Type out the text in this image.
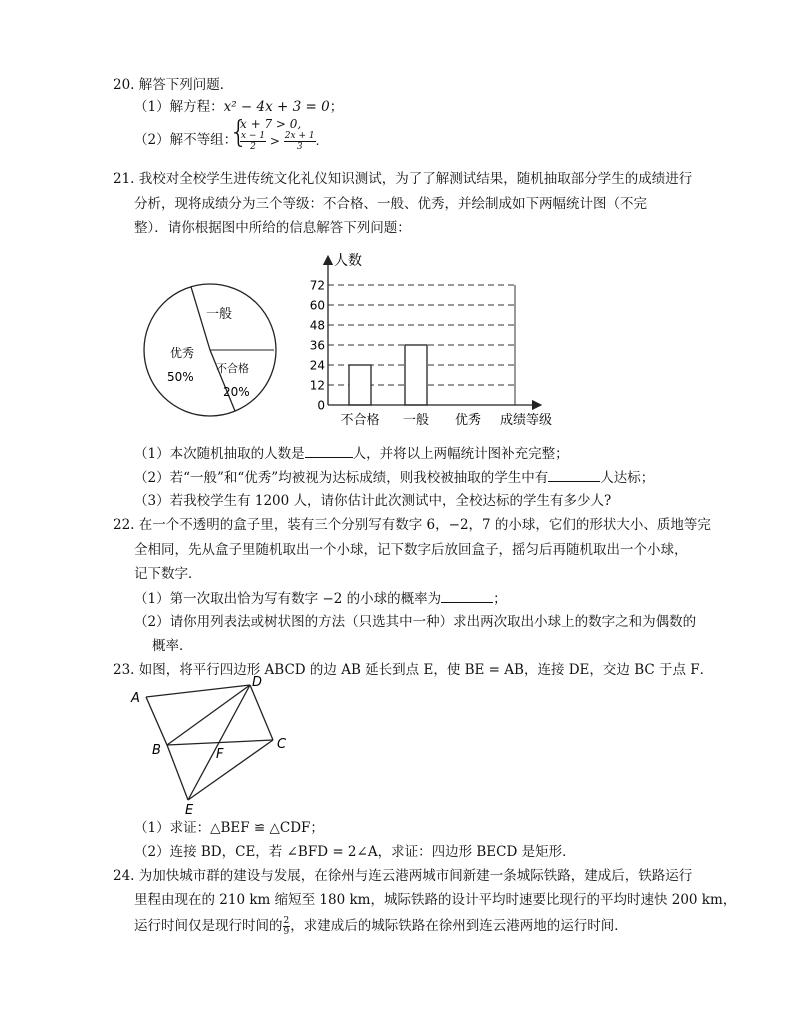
20. 解答下列问题．
（1）解方程：x² − 4x + 3 = 0；
（2）解不等组：
{
x + 7 > 0,
$\frac{x - 1}{2} > \frac{2x + 1}{3}$ .
21. 我校对全校学生进传统文化礼仪知识测试，为了了解测试结果，随机抽取部分学生的成绩进行
分析，现将成绩分为三个等级：不合格、一般、优秀，并绘制成如下两幅统计图（不完
整）．请你根据图中所给的信息解答下列问题：
一般
优秀
50%
不合格
20%
0
12
24
36
48
60
72
不合格 一般 优秀
人数
成绩等级
（1）本次随机抽取的人数是	人，并将以上两幅统计图补充完整；
（2）若“一般”和“优秀”均被视为达标成绩，则我校被抽取的学生中有	人达标；
（3）若我校学生有 1200 人，请你估计此次测试中，全校达标的学生有多少人?
22. 在一个不透明的盒子里，装有三个分别写有数字 6，−2，7 的小球，它们的形状大小、质地等完
全相同，先从盒子里随机取出一个小球，记下数字后放回盒子，摇匀后再随机取出一个小球，
记下数字．
（1）第一次取出恰为写有数字 −2 的小球的概率为	；
（2）请你用列表法或树状图的方法（只选其中一种）求出两次取出小球上的数字之和为偶数的
概率．
23. 如图，将平行四边形 ABCD 的边 AB 延长到点 E，使 BE = AB，连接 DE，交边 BC 于点 F．
A
D
B	C
F
E
（1）求证：△BEF ≌ △CDF；
（2）连接 BD，CE，若 ∠BFD = 2∠A，求证：四边形 BECD 是矩形．
24. 为加快城市群的建设与发展，在徐州与连云港两城市间新建一条城际铁路，建成后，铁路运行
里程由现在的 210 km 缩短至 180 km，城际铁路的设计平均时速要比现行的平均时速快 200 km，
运行时间仅是现行时间的 $\frac{2}{9}$ ，求建成后的城际铁路在徐州到连云港两地的运行时间．
